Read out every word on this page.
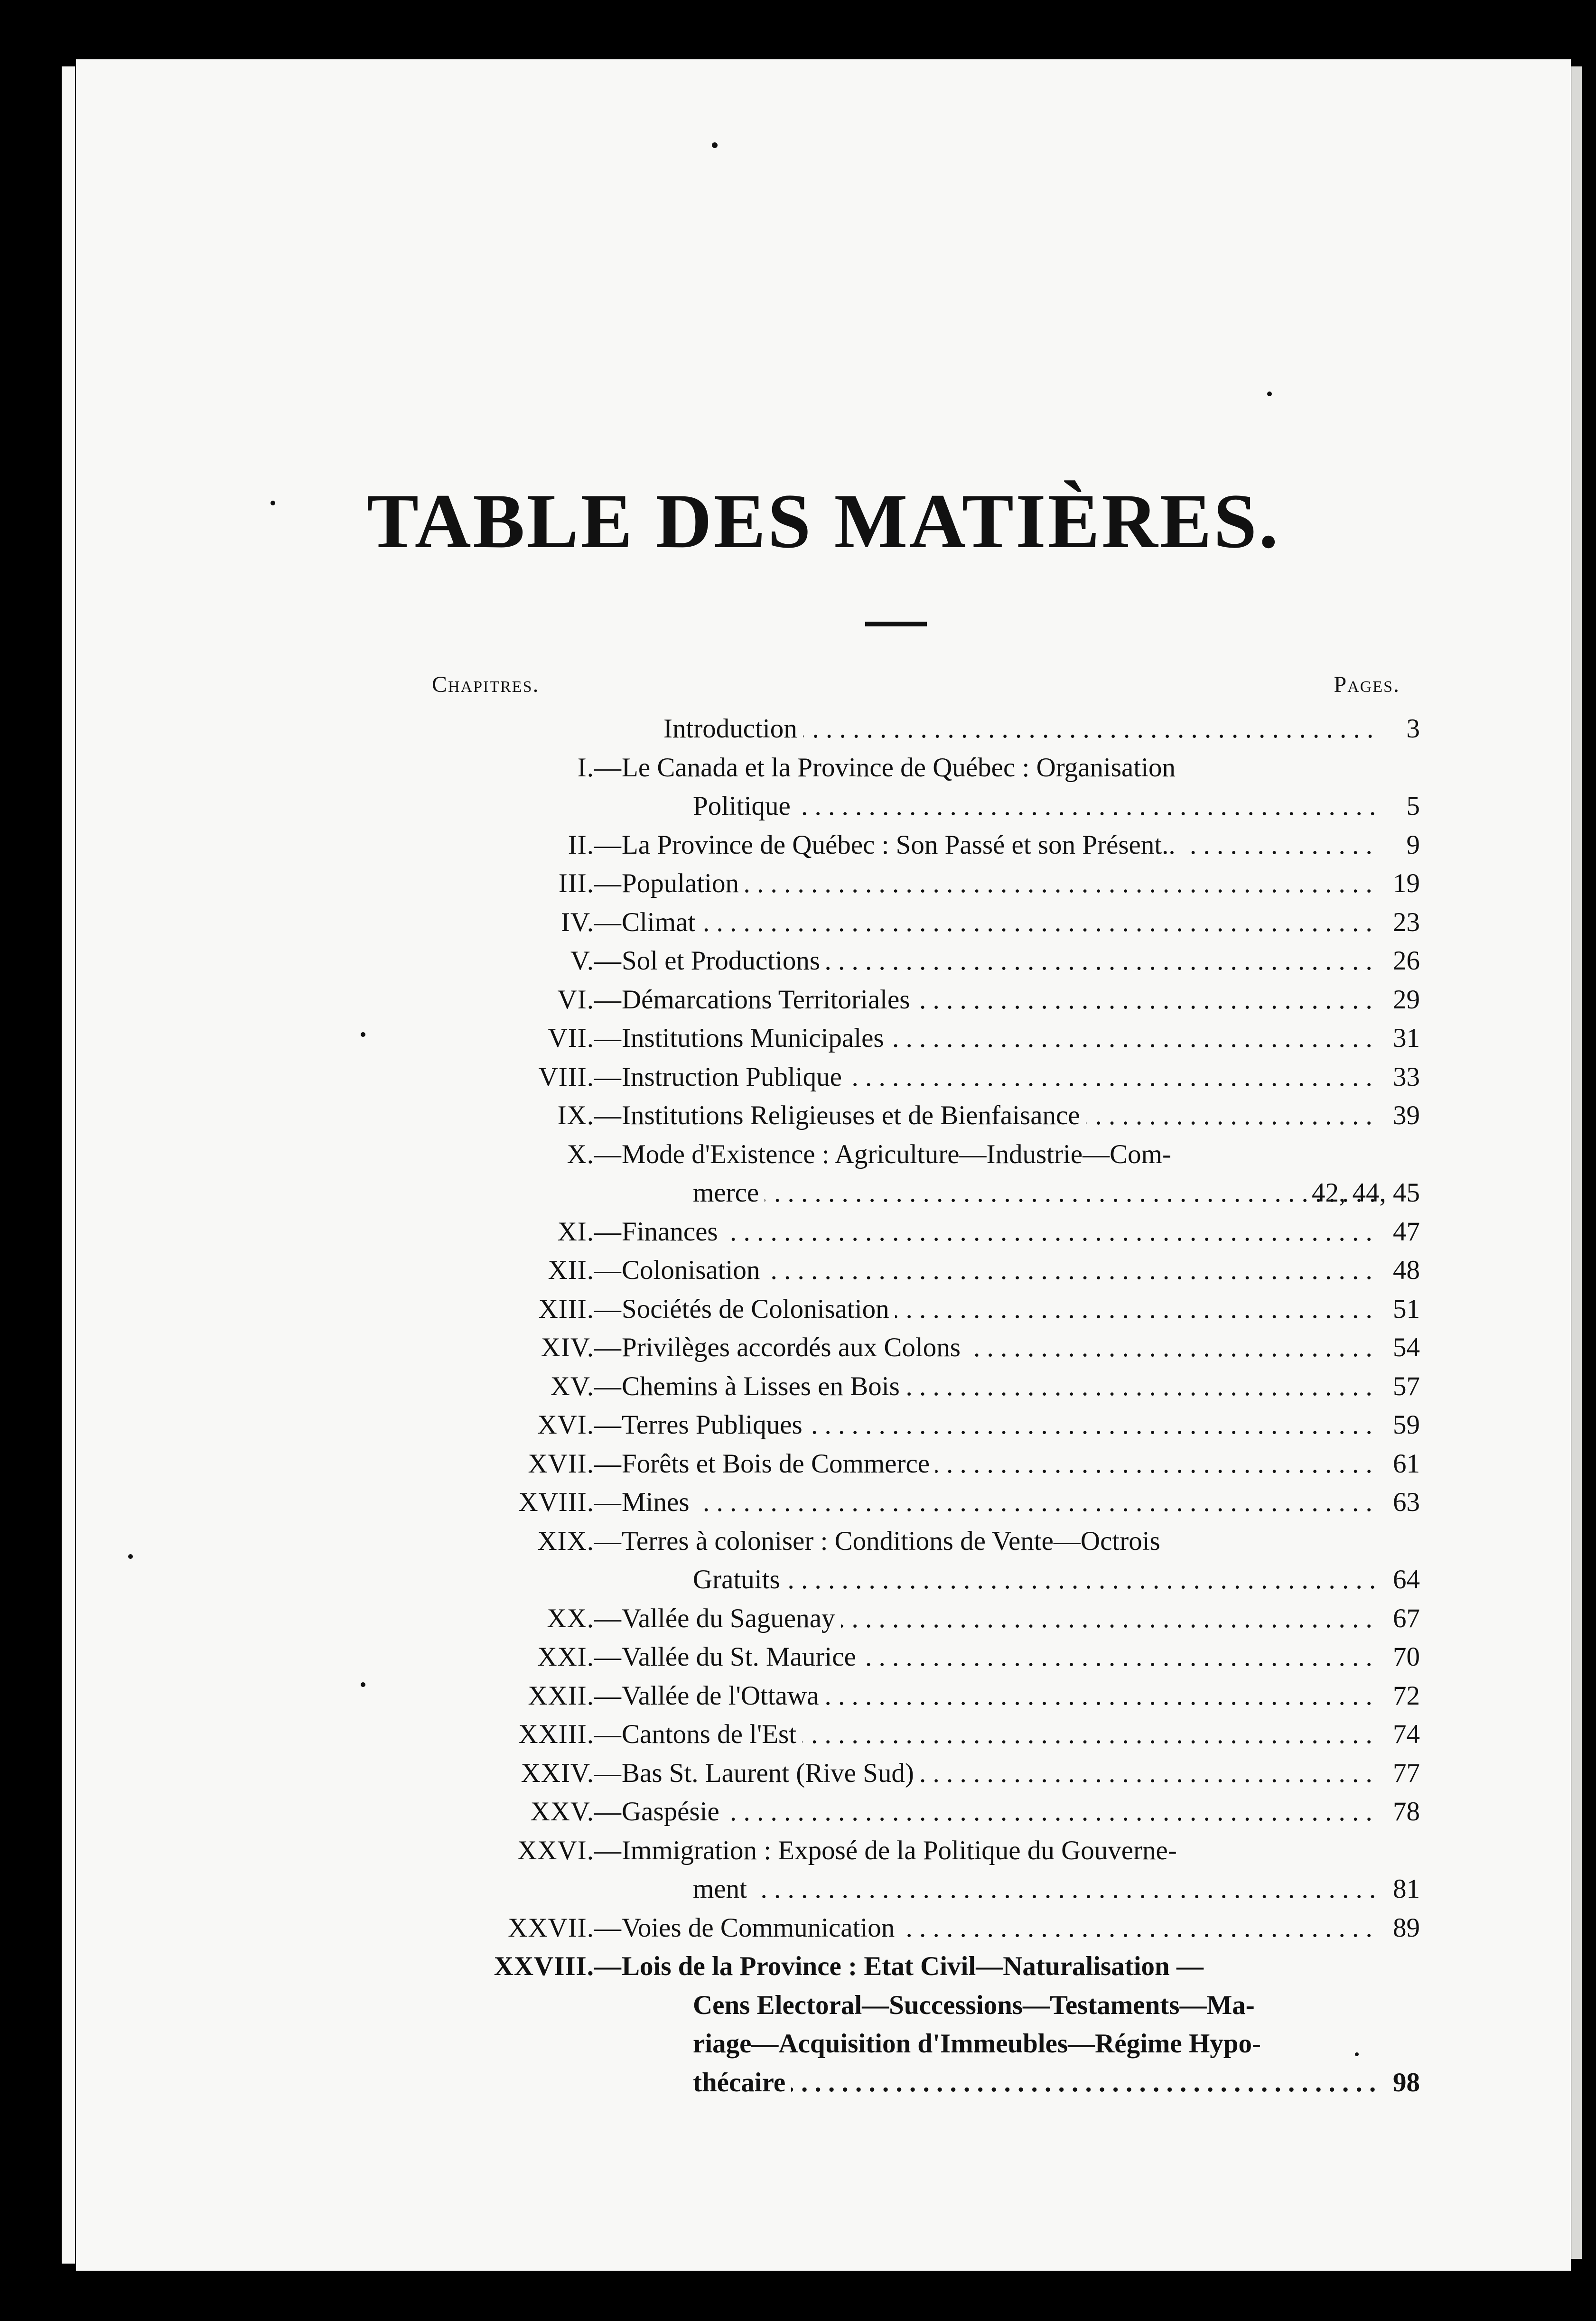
TABLE DES MATIÈRES.
Chapitres.	Pages.
Introduction . . .	3
I.— Le Canada et la Province de Québec : Organisation
Politique . . .	5
II.— La Province de Québec : Son Passé et son Présent.. . . .	9
III.— Population . . .	19
IV.— Climat . . .	23
V.— Sol et Productions . . .	26
VI.— Démarcations Territoriales . . .	29
VII.— Institutions Municipales . . .	31
VIII.— Instruction Publique . . .	33
IX.— Institutions Religieuses et de Bienfaisance . . .	39
X.— Mode d'Existence : Agriculture—Industrie—Com-
merce . . .	42, 44, 45
XI.— Finances . . .	47
XII.— Colonisation . . .	48
XIII.— Sociétés de Colonisation . . .	51
XIV.— Privilèges accordés aux Colons . . .	54
XV.— Chemins à Lisses en Bois . . .	57
XVI.— Terres Publiques . . .	59
XVII.— Forêts et Bois de Commerce . . .	61
XVIII.— Mines . . .	63
XIX.— Terres à coloniser : Conditions de Vente—Octrois
Gratuits . . .	64
XX.— Vallée du Saguenay . . .	67
XXI.— Vallée du St. Maurice . . .	70
XXII.— Vallée de l'Ottawa . . .	72
XXIII.— Cantons de l'Est . . .	74
XXIV.— Bas St. Laurent (Rive Sud) . . .	77
XXV.— Gaspésie . . .	78
XXVI.— Immigration : Exposé de la Politique du Gouverne-
ment . . .	81
XXVII.— Voies de Communication . . .	89
XXVIII.— Lois de la Province : Etat Civil—Naturalisation —
Cens Electoral—Successions—Testaments—Ma-
riage—Acquisition d'Immeubles—Régime Hypo-
thécaire . . .	98
